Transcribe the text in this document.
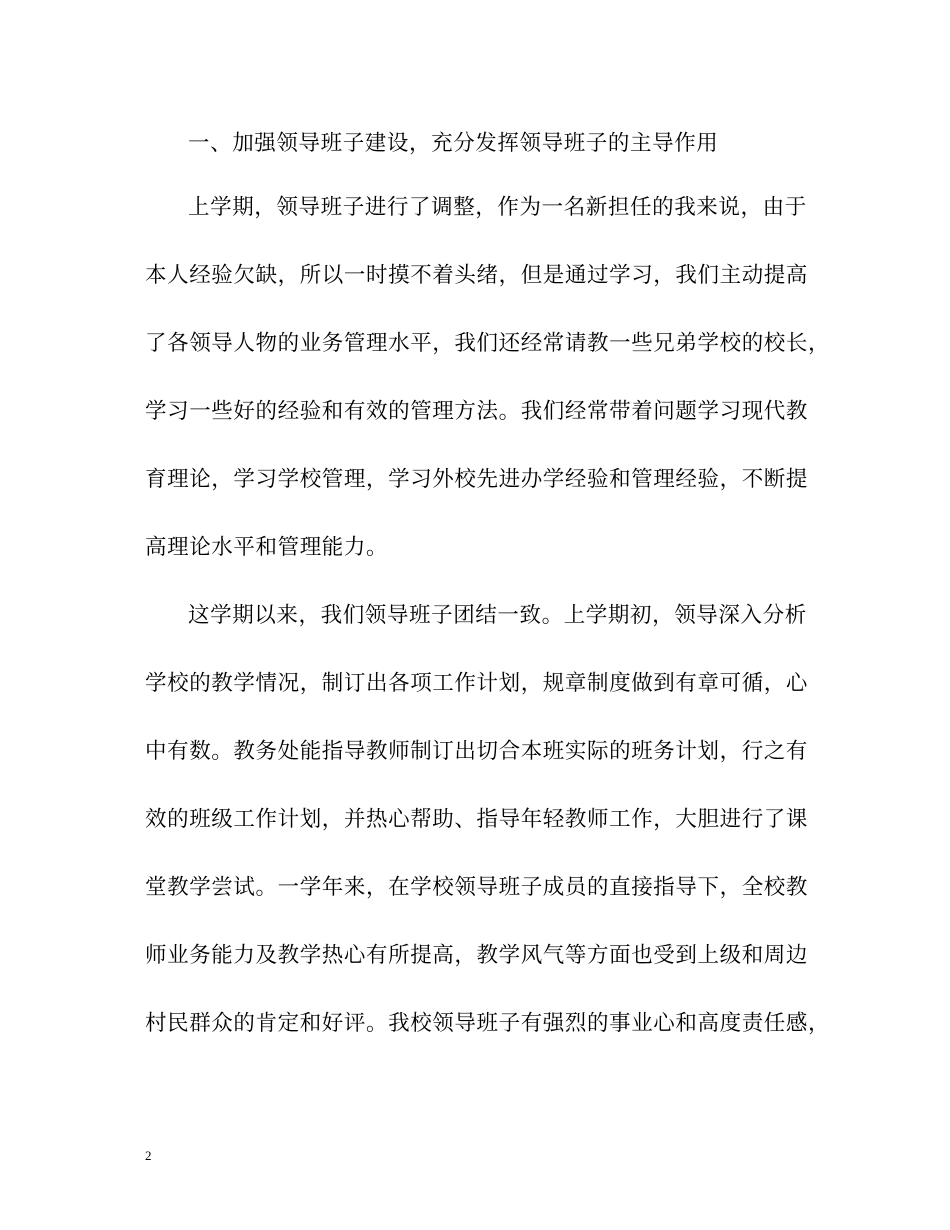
一、加强领导班子建设，充分发挥领导班子的主导作用
上学期，领导班子进行了调整，作为一名新担任的我来说，由于
本人经验欠缺，所以一时摸不着头绪，但是通过学习，我们主动提高
了各领导人物的业务管理水平，我们还经常请教一些兄弟学校的校长，
学习一些好的经验和有效的管理方法。我们经常带着问题学习现代教
育理论，学习学校管理，学习外校先进办学经验和管理经验，不断提
高理论水平和管理能力。
这学期以来，我们领导班子团结一致。上学期初，领导深入分析
学校的教学情况，制订出各项工作计划，规章制度做到有章可循，心
中有数。教务处能指导教师制订出切合本班实际的班务计划，行之有
效的班级工作计划，并热心帮助、指导年轻教师工作，大胆进行了课
堂教学尝试。一学年来，在学校领导班子成员的直接指导下，全校教
师业务能力及教学热心有所提高，教学风气等方面也受到上级和周边
村民群众的肯定和好评。我校领导班子有强烈的事业心和高度责任感，
2
